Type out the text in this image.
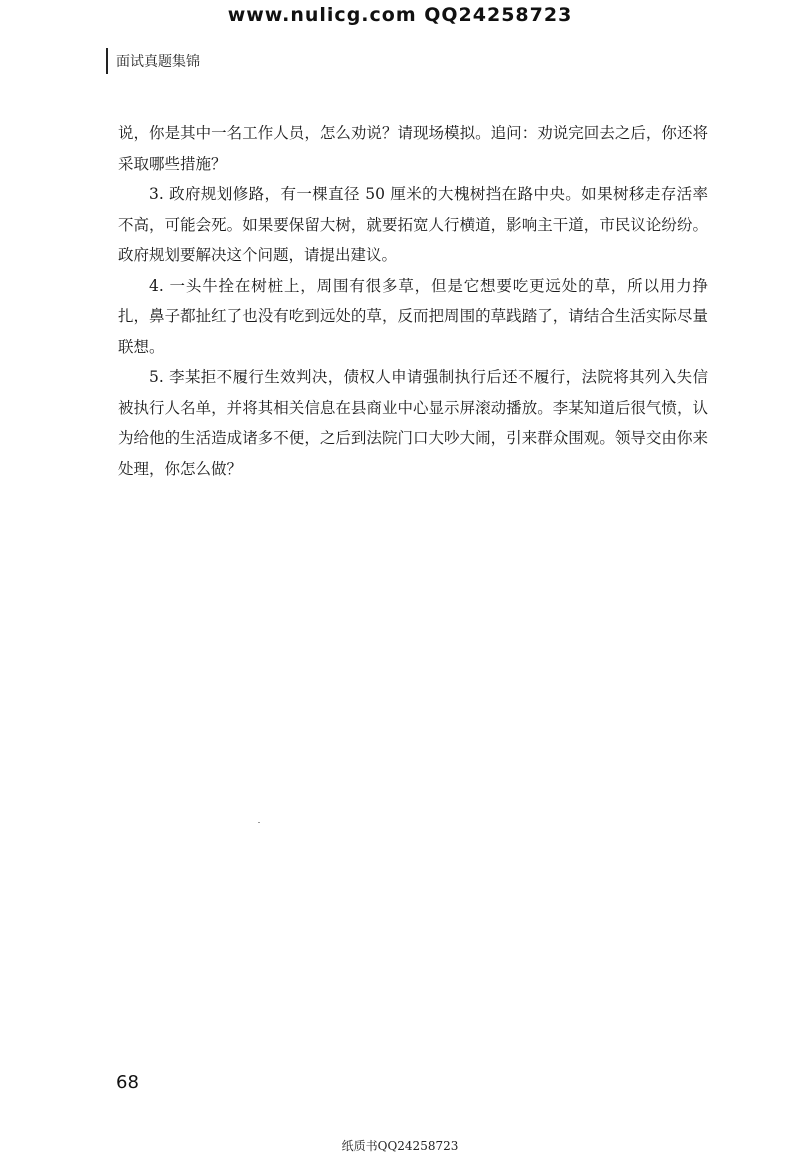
www.nulicg.com QQ24258723
面试真题集锦

说，你是其中一名工作人员，怎么劝说？请现场模拟。追问：劝说完回去之后，你还将采取哪些措施？

3. 政府规划修路，有一棵直径 50 厘米的大槐树挡在路中央。如果树移走存活率不高，可能会死。如果要保留大树，就要拓宽人行横道，影响主干道，市民议论纷纷。政府规划要解决这个问题，请提出建议。

4. 一头牛拴在树桩上，周围有很多草，但是它想要吃更远处的草，所以用力挣扎，鼻子都扯红了也没有吃到远处的草，反而把周围的草践踏了，请结合生活实际尽量联想。

5. 李某拒不履行生效判决，债权人申请强制执行后还不履行，法院将其列入失信被执行人名单，并将其相关信息在县商业中心显示屏滚动播放。李某知道后很气愤，认为给他的生活造成诸多不便，之后到法院门口大吵大闹，引来群众围观。领导交由你来处理，你怎么做？

68
纸质书QQ24258723
